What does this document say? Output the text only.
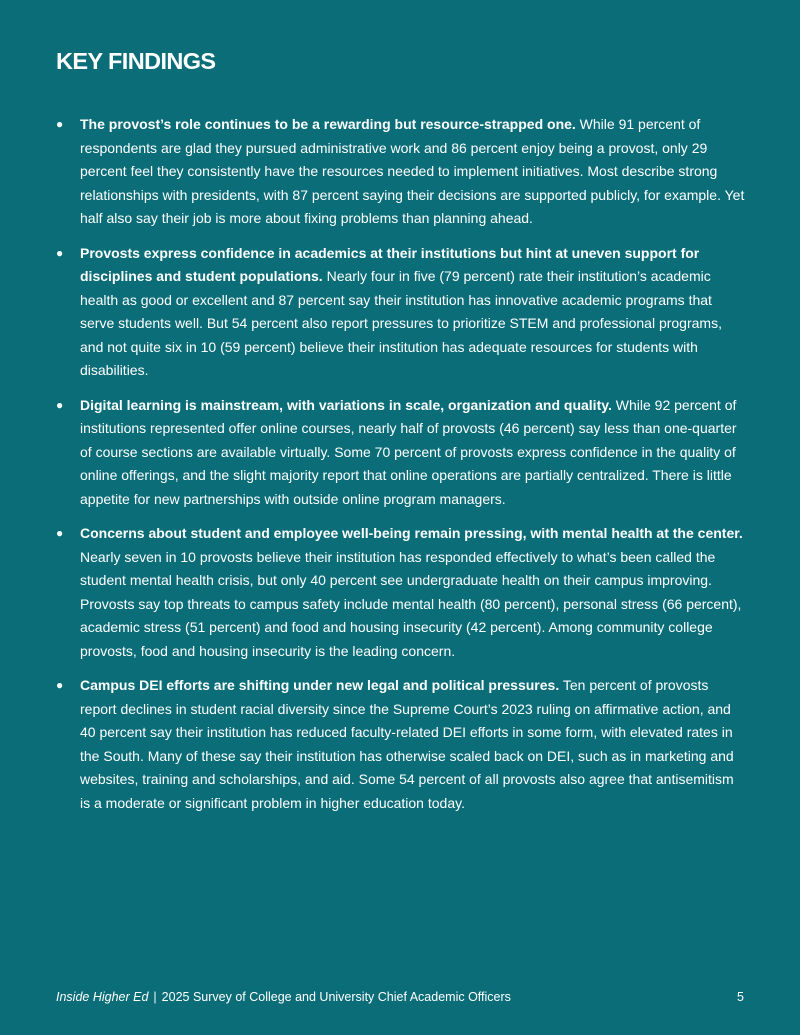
KEY FINDINGS
● The provost’s role continues to be a rewarding but resource-strapped one. While 91 percent of respondents are glad they pursued administrative work and 86 percent enjoy being a provost, only 29 percent feel they consistently have the resources needed to implement initiatives. Most describe strong relationships with presidents, with 87 percent saying their decisions are supported publicly, for example. Yet half also say their job is more about fixing problems than planning ahead.
● Provosts express confidence in academics at their institutions but hint at uneven support for disciplines and student populations. Nearly four in five (79 percent) rate their institution’s academic health as good or excellent and 87 percent say their institution has innovative academic programs that serve students well. But 54 percent also report pressures to prioritize STEM and professional programs, and not quite six in 10 (59 percent) believe their institution has adequate resources for students with disabilities.
● Digital learning is mainstream, with variations in scale, organization and quality. While 92 percent of institutions represented offer online courses, nearly half of provosts (46 percent) say less than one-quarter of course sections are available virtually. Some 70 percent of provosts express confidence in the quality of online offerings, and the slight majority report that online operations are partially centralized. There is little appetite for new partnerships with outside online program managers.
● Concerns about student and employee well-being remain pressing, with mental health at the center. Nearly seven in 10 provosts believe their institution has responded effectively to what’s been called the student mental health crisis, but only 40 percent see undergraduate health on their campus improving. Provosts say top threats to campus safety include mental health (80 percent), personal stress (66 percent), academic stress (51 percent) and food and housing insecurity (42 percent). Among community college provosts, food and housing insecurity is the leading concern.
● Campus DEI efforts are shifting under new legal and political pressures. Ten percent of provosts report declines in student racial diversity since the Supreme Court’s 2023 ruling on affirmative action, and 40 percent say their institution has reduced faculty-related DEI efforts in some form, with elevated rates in the South. Many of these say their institution has otherwise scaled back on DEI, such as in marketing and websites, training and scholarships, and aid. Some 54 percent of all provosts also agree that antisemitism is a moderate or significant problem in higher education today.
Inside Higher Ed | 2025 Survey of College and University Chief Academic Officers	5
